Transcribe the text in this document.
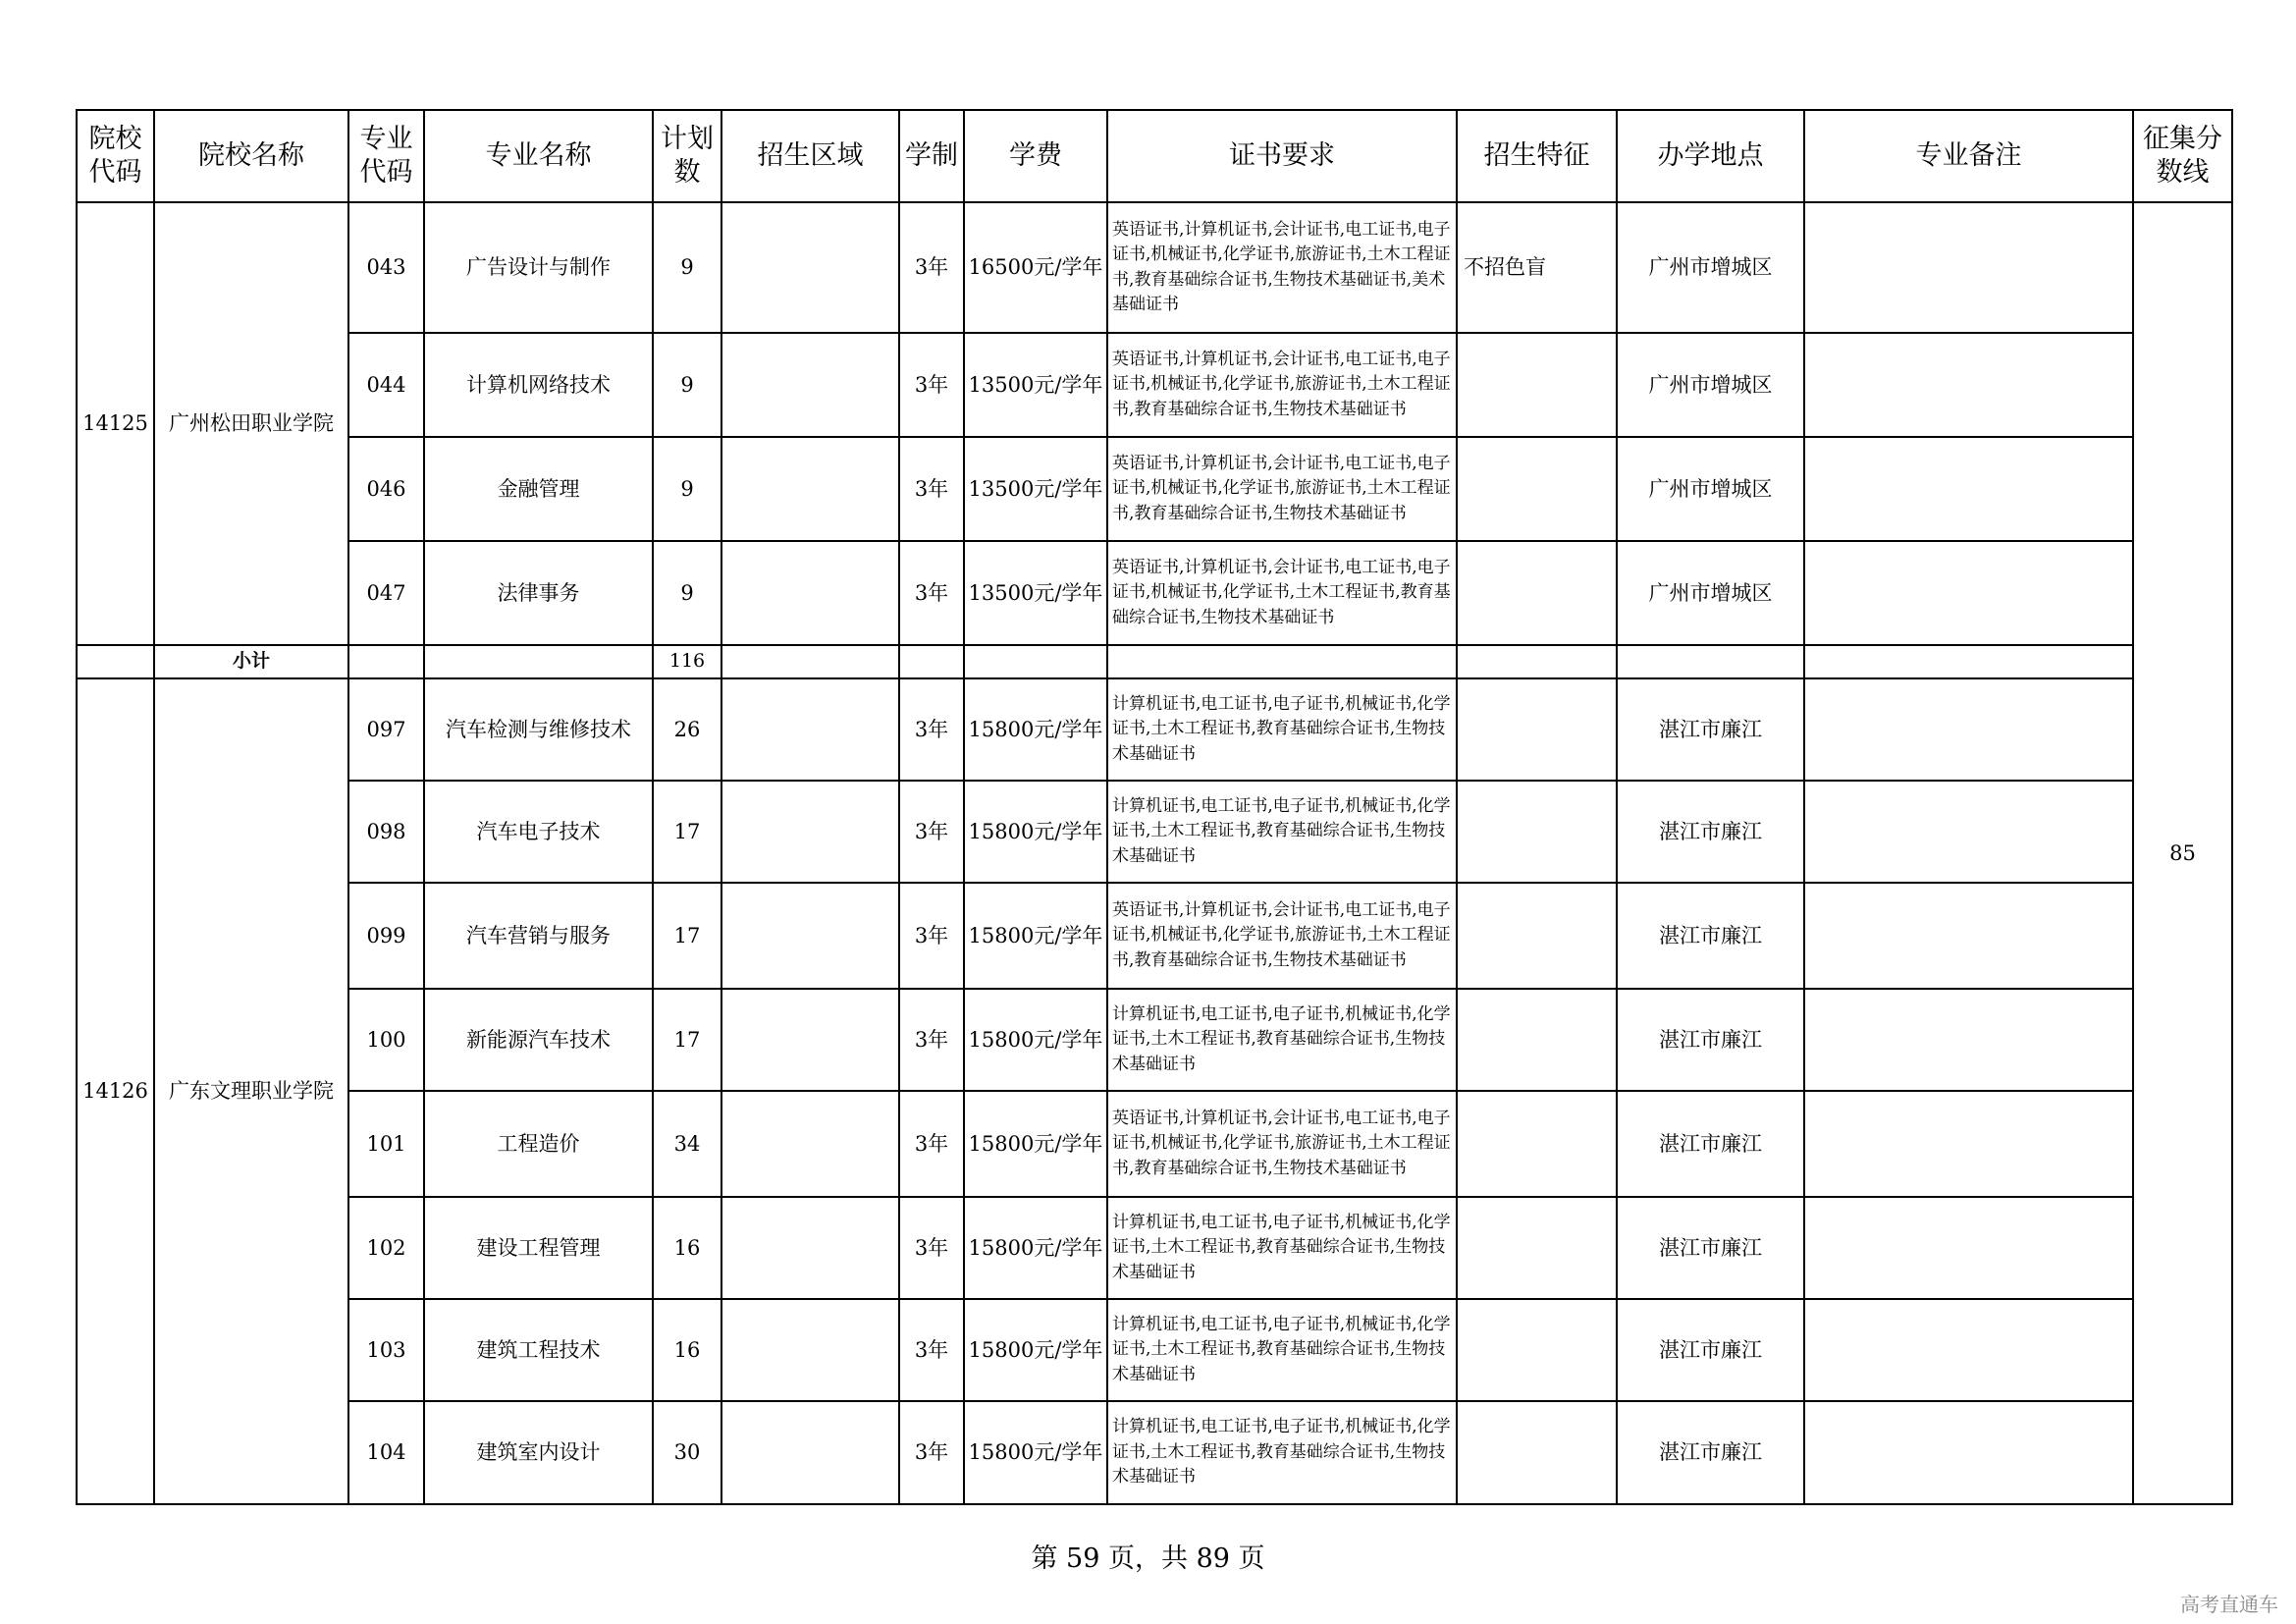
院校代码	院校名称	专业代码	专业名称	计划数	招生区域	学制	学费	证书要求	招生特征	办学地点	专业备注	征集分数线
14125	广州松田职业学院	043	广告设计与制作	9		3年	16500元/学年	英语证书,计算机证书,会计证书,电工证书,电子证书,机械证书,化学证书,旅游证书,土木工程证书,教育基础综合证书,生物技术基础证书,美术基础证书	不招色盲	广州市增城区		85
		044	计算机网络技术	9		3年	13500元/学年	英语证书,计算机证书,会计证书,电工证书,电子证书,机械证书,化学证书,旅游证书,土木工程证书,教育基础综合证书,生物技术基础证书		广州市增城区		
		046	金融管理	9		3年	13500元/学年	英语证书,计算机证书,会计证书,电工证书,电子证书,机械证书,化学证书,旅游证书,土木工程证书,教育基础综合证书,生物技术基础证书		广州市增城区		
		047	法律事务	9		3年	13500元/学年	英语证书,计算机证书,会计证书,电工证书,电子证书,机械证书,化学证书,土木工程证书,教育基础综合证书,生物技术基础证书		广州市增城区		
	小计			116								
14126	广东文理职业学院	097	汽车检测与维修技术	26		3年	15800元/学年	计算机证书,电工证书,电子证书,机械证书,化学证书,土木工程证书,教育基础综合证书,生物技术基础证书		湛江市廉江		
		098	汽车电子技术	17		3年	15800元/学年	计算机证书,电工证书,电子证书,机械证书,化学证书,土木工程证书,教育基础综合证书,生物技术基础证书		湛江市廉江		
		099	汽车营销与服务	17		3年	15800元/学年	英语证书,计算机证书,会计证书,电工证书,电子证书,机械证书,化学证书,旅游证书,土木工程证书,教育基础综合证书,生物技术基础证书		湛江市廉江		
		100	新能源汽车技术	17		3年	15800元/学年	计算机证书,电工证书,电子证书,机械证书,化学证书,土木工程证书,教育基础综合证书,生物技术基础证书		湛江市廉江		
		101	工程造价	34		3年	15800元/学年	英语证书,计算机证书,会计证书,电工证书,电子证书,机械证书,化学证书,旅游证书,土木工程证书,教育基础综合证书,生物技术基础证书		湛江市廉江		
		102	建设工程管理	16		3年	15800元/学年	计算机证书,电工证书,电子证书,机械证书,化学证书,土木工程证书,教育基础综合证书,生物技术基础证书		湛江市廉江		
		103	建筑工程技术	16		3年	15800元/学年	计算机证书,电工证书,电子证书,机械证书,化学证书,土木工程证书,教育基础综合证书,生物技术基础证书		湛江市廉江		
		104	建筑室内设计	30		3年	15800元/学年	计算机证书,电工证书,电子证书,机械证书,化学证书,土木工程证书,教育基础综合证书,生物技术基础证书		湛江市廉江		
第 59 页，共 89 页
高考直通车
